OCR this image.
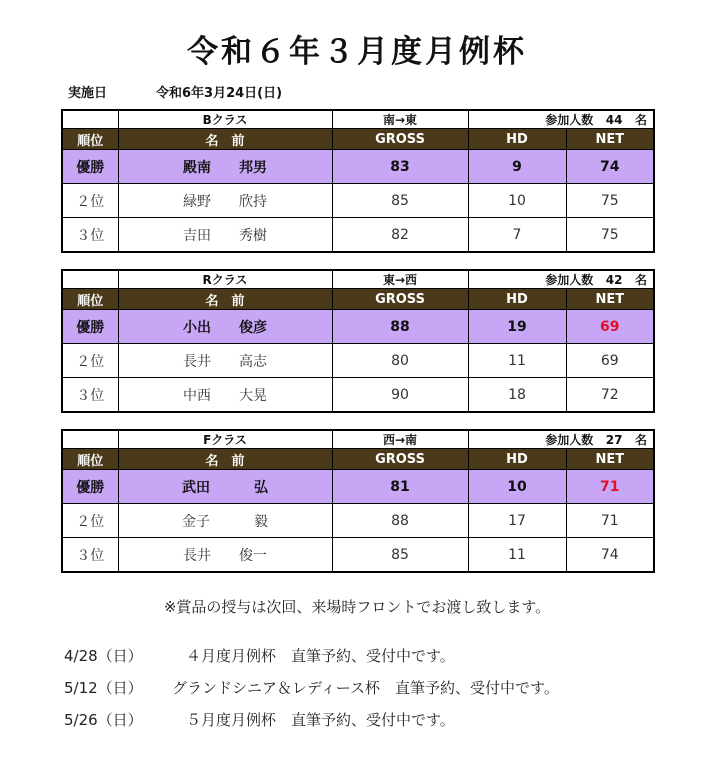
令和６年３月度月例杯
実施日	令和6年3月24日(日)
	Bクラス	南→東	参加人数 44 名	
順位	名　前	GROSS	HD	NET
優勝	殿南 邦男	83	9	74
２位	緑野 欣持	85	10	75
３位	吉田 秀樹	82	7	75
	Rクラス	東→西	参加人数 42 名	
順位	名　前	GROSS	HD	NET
優勝	小出 俊彦	88	19	69
２位	長井 高志	80	11	69
３位	中西 大晃	90	18	72
	Fクラス	西→南	参加人数 27 名	
順位	名　前	GROSS	HD	NET
優勝	武田 弘	81	10	71
２位	金子 毅	88	17	71
３位	長井 俊一	85	11	74
※賞品の授与は次回、来場時フロントでお渡し致します。
4/28（日）	４月度月例杯　直筆予約、受付中です。
5/12（日） グランドシニア＆レディース杯　直筆予約、受付中です。
5/26（日）	５月度月例杯　直筆予約、受付中です。
